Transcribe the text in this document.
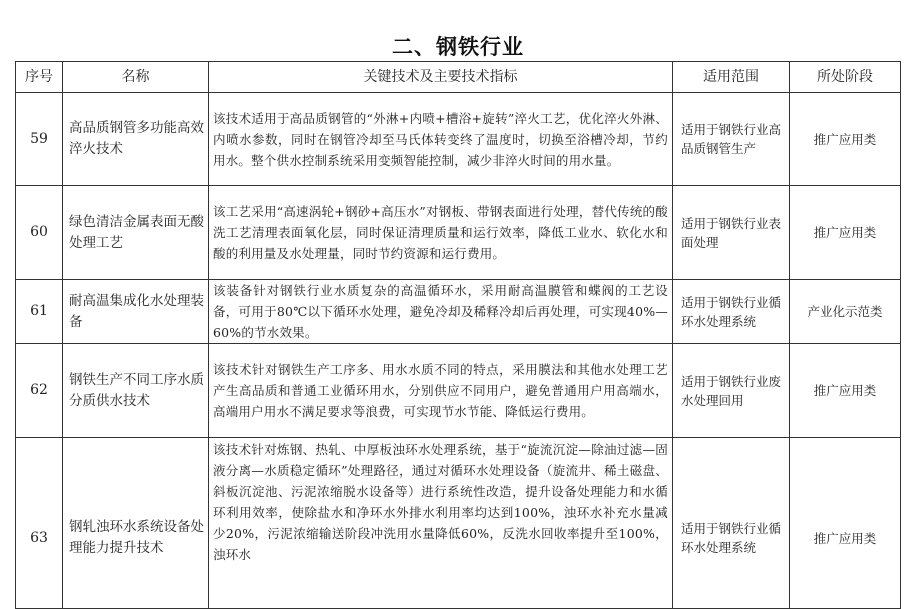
二、钢铁行业
序号	名称	关键技术及主要技术指标	适用范围	所处阶段
59	高品质钢管多功能高效淬火技术	该技术适用于高品质钢管的“外淋+内喷+槽浴+旋转”淬火工艺，优化淬火外淋、内喷水参数，同时在钢管冷却至马氏体转变终了温度时，切换至浴槽冷却，节约用水。整个供水控制系统采用变频智能控制，减少非淬火时间的用水量。	适用于钢铁行业高品质钢管生产	推广应用类
60	绿色清洁金属表面无酸处理工艺	该工艺采用“高速涡轮+钢砂+高压水”对钢板、带钢表面进行处理，替代传统的酸洗工艺清理表面氧化层，同时保证清理质量和运行效率，降低工业水、软化水和酸的利用量及水处理量，同时节约资源和运行费用。	适用于钢铁行业表面处理	推广应用类
61	耐高温集成化水处理装备	该装备针对钢铁行业水质复杂的高温循环水，采用耐高温膜管和蝶阀的工艺设备，可用于80℃以下循环水处理，避免冷却及稀释冷却后再处理，可实现40%—60%的节水效果。	适用于钢铁行业循环水处理系统	产业化示范类
62	钢铁生产不同工序水质分质供水技术	该技术针对钢铁生产工序多、用水水质不同的特点，采用膜法和其他水处理工艺产生高品质和普通工业循环用水，分别供应不同用户，避免普通用户用高端水，高端用户用水不满足要求等浪费，可实现节水节能、降低运行费用。	适用于钢铁行业废水处理回用	推广应用类
63	钢轧浊环水系统设备处理能力提升技术	该技术针对炼钢、热轧、中厚板浊环水处理系统，基于“旋流沉淀—除油过滤—固液分离—水质稳定循环”处理路径，通过对循环水处理设备（旋流井、稀土磁盘、斜板沉淀池、污泥浓缩脱水设备等）进行系统性改造，提升设备处理能力和水循环利用效率，使除盐水和净环水外排水利用率均达到100%，浊环水补充水量减少20%，污泥浓缩输送阶段冲洗用水量降低60%，反洗水回收率提升至100%，浊环水	适用于钢铁行业循环水处理系统	推广应用类
